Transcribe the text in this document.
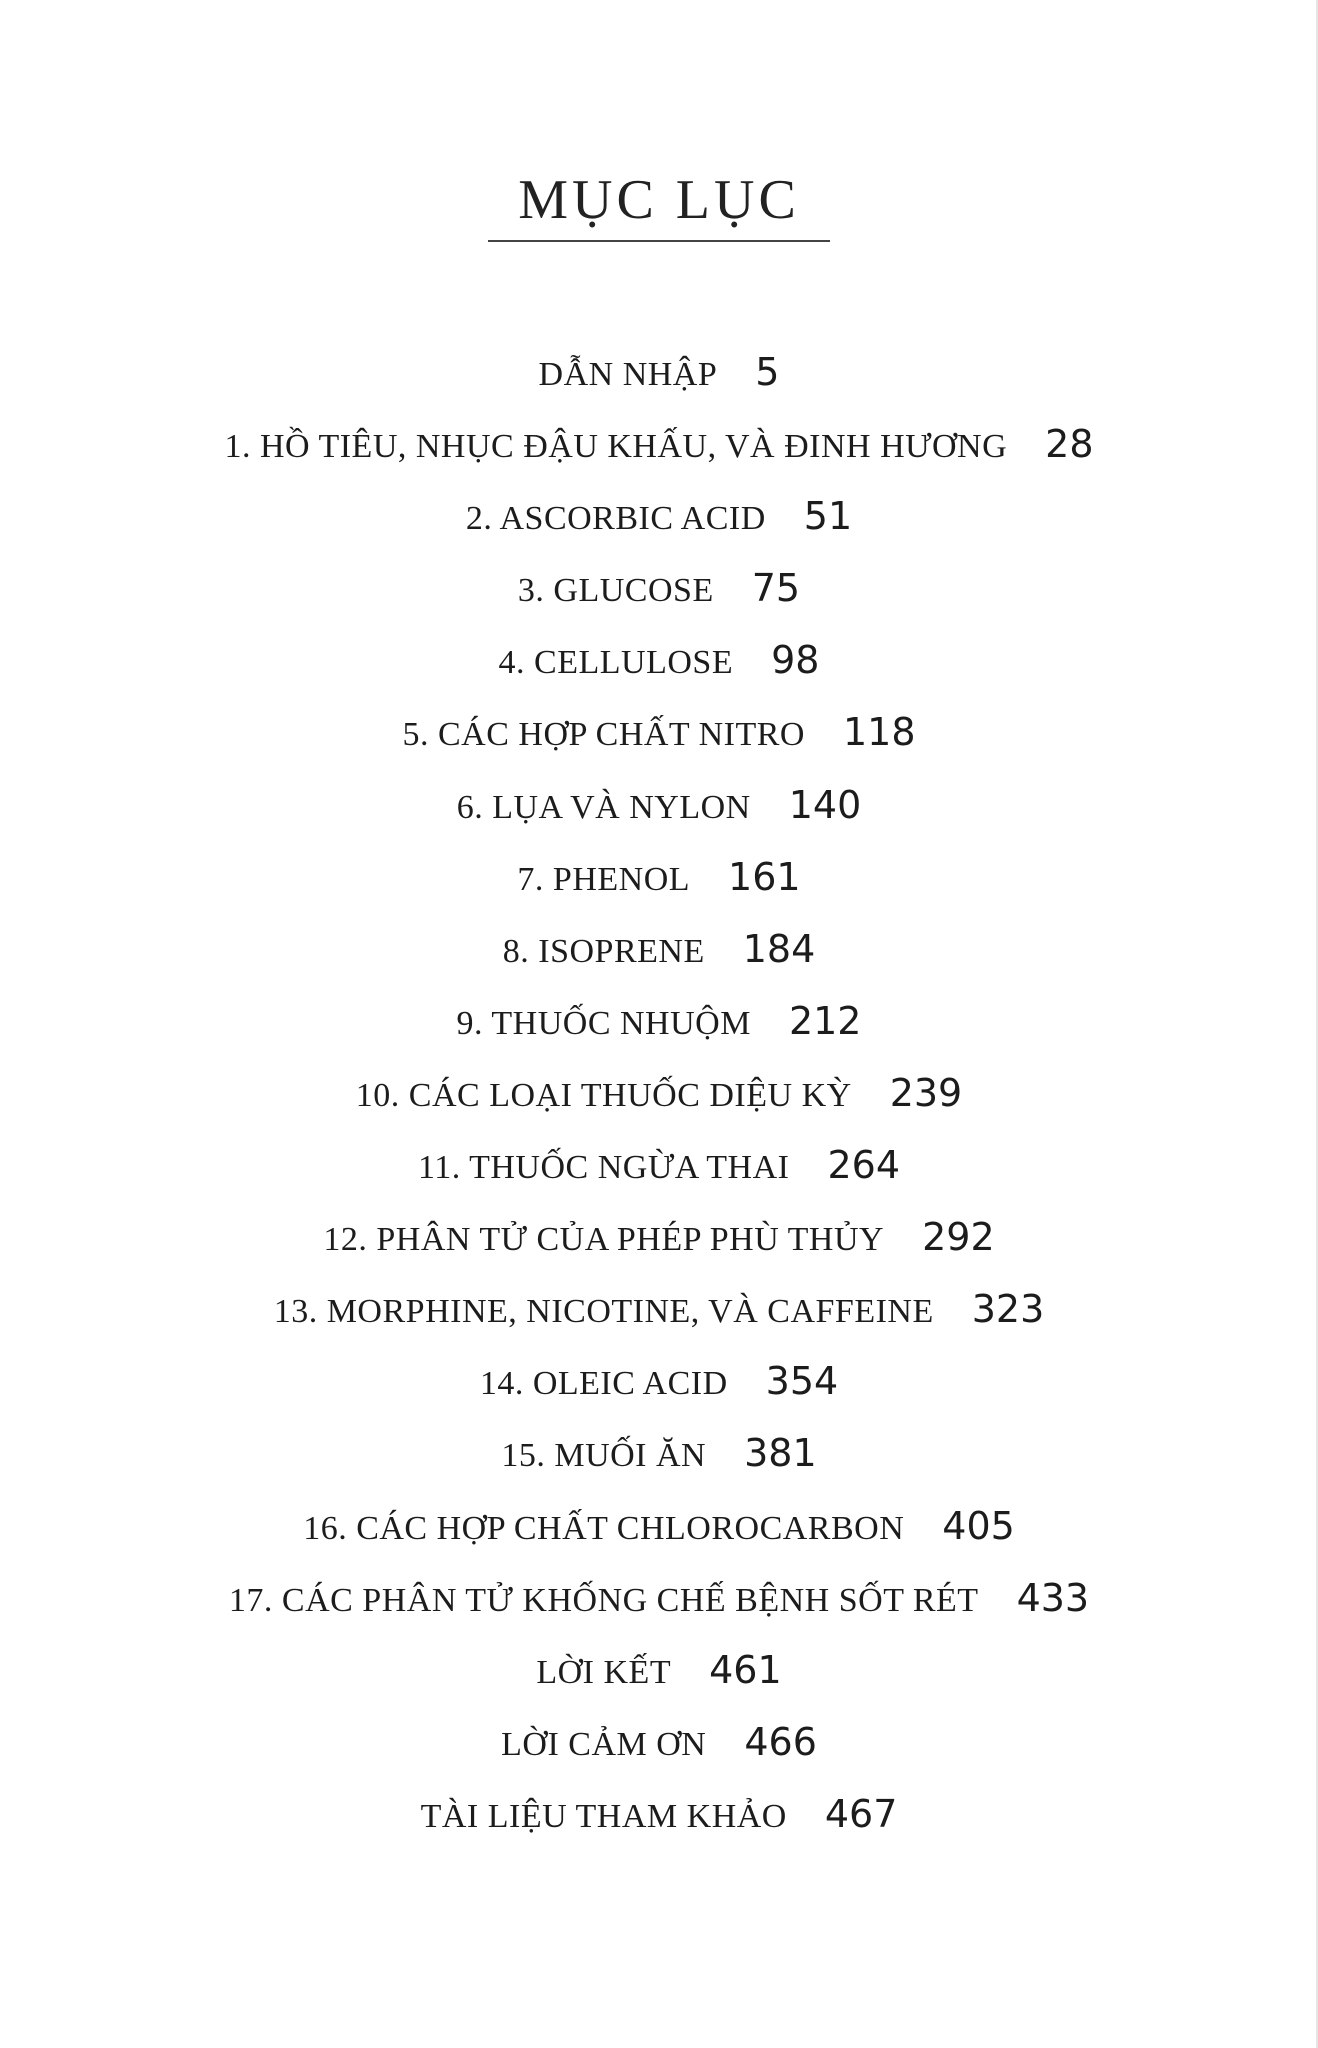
MỤC LỤC
DẪN NHẬP 5
1. HỒ TIÊU, NHỤC ĐẬU KHẤU, VÀ ĐINH HƯƠNG 28
2. ASCORBIC ACID 51
3. GLUCOSE 75
4. CELLULOSE 98
5. CÁC HỢP CHẤT NITRO 118
6. LỤA VÀ NYLON 140
7. PHENOL 161
8. ISOPRENE 184
9. THUỐC NHUỘM 212
10. CÁC LOẠI THUỐC DIỆU KỲ 239
11. THUỐC NGỪA THAI 264
12. PHÂN TỬ CỦA PHÉP PHÙ THỦY 292
13. MORPHINE, NICOTINE, VÀ CAFFEINE 323
14. OLEIC ACID 354
15. MUỐI ĂN 381
16. CÁC HỢP CHẤT CHLOROCARBON 405
17. CÁC PHÂN TỬ KHỐNG CHẾ BỆNH SỐT RÉT 433
LỜI KẾT 461
LỜI CẢM ƠN 466
TÀI LIỆU THAM KHẢO 467
